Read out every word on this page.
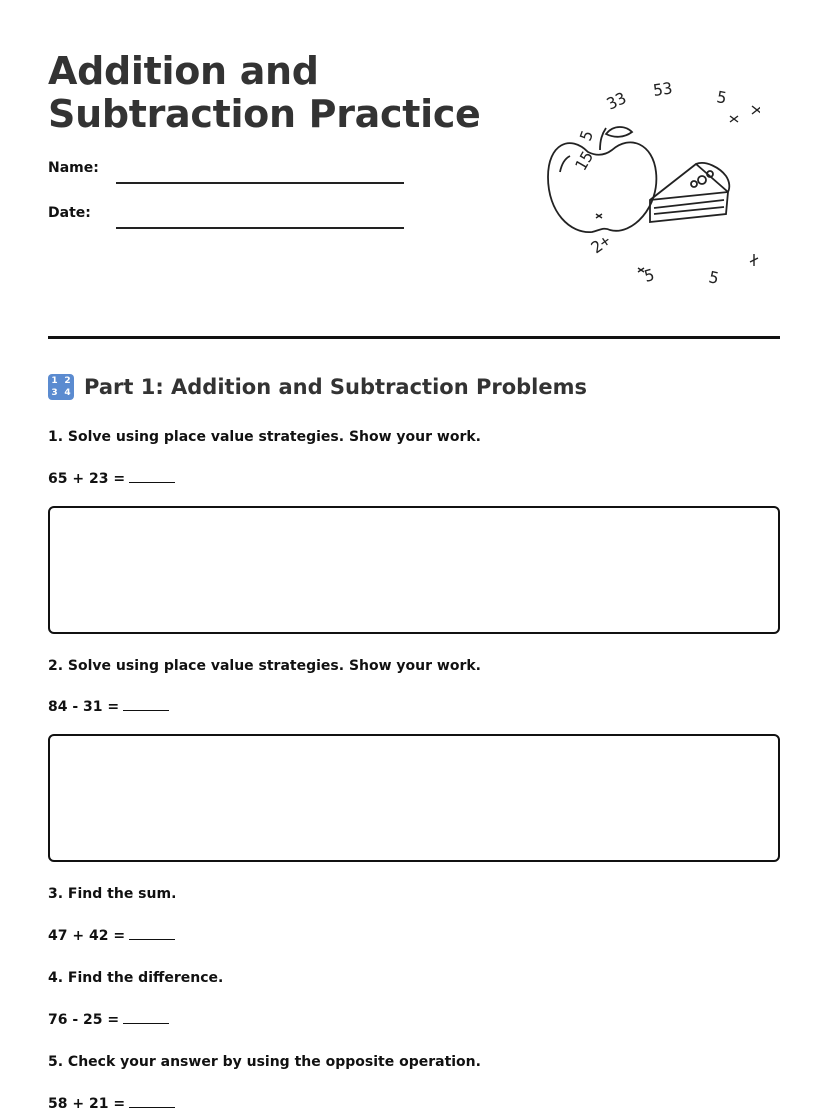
Addition and
Subtraction Practice
Name:
Date:
33 53	5
15
2+
5	5
5
1 2
3 4 Part 1: Addition and Subtraction Problems

1. Solve using place value strategies. Show your work.

65 + 23 =

2. Solve using place value strategies. Show your work.

84 - 31 =

3. Find the sum.

47 + 42 =

4. Find the difference.

76 - 25 =

5. Check your answer by using the opposite operation.

58 + 21 =
